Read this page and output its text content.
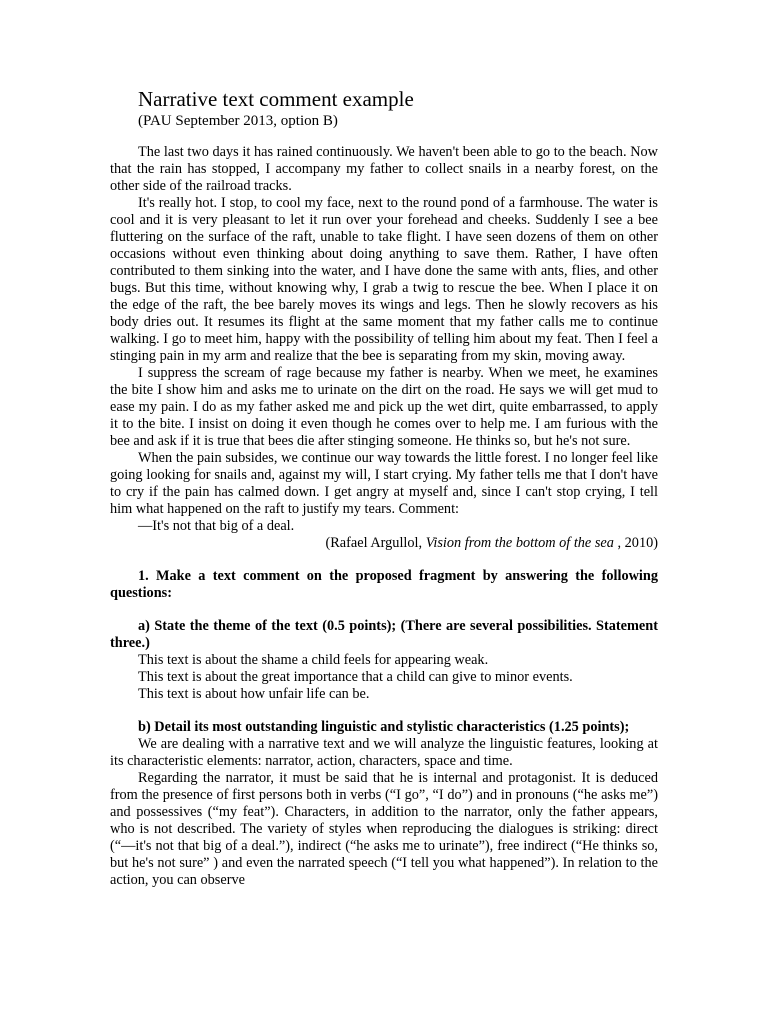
Narrative text comment example
(PAU September 2013, option B)

The last two days it has rained continuously. We haven't been able to go to the beach. Now that the rain has stopped, I accompany my father to collect snails in a nearby forest, on the other side of the railroad tracks.

It's really hot. I stop, to cool my face, next to the round pond of a farmhouse. The water is cool and it is very pleasant to let it run over your forehead and cheeks. Suddenly I see a bee fluttering on the surface of the raft, unable to take flight. I have seen dozens of them on other occasions without even thinking about doing anything to save them. Rather, I have often contributed to them sinking into the water, and I have done the same with ants, flies, and other bugs. But this time, without knowing why, I grab a twig to rescue the bee. When I place it on the edge of the raft, the bee barely moves its wings and legs. Then he slowly recovers as his body dries out. It resumes its flight at the same moment that my father calls me to continue walking. I go to meet him, happy with the possibility of telling him about my feat. Then I feel a stinging pain in my arm and realize that the bee is separating from my skin, moving away.

I suppress the scream of rage because my father is nearby. When we meet, he examines the bite I show him and asks me to urinate on the dirt on the road. He says we will get mud to ease my pain. I do as my father asked me and pick up the wet dirt, quite embarrassed, to apply it to the bite. I insist on doing it even though he comes over to help me. I am furious with the bee and ask if it is true that bees die after stinging someone. He thinks so, but he's not sure.

When the pain subsides, we continue our way towards the little forest. I no longer feel like going looking for snails and, against my will, I start crying. My father tells me that I don't have to cry if the pain has calmed down. I get angry at myself and, since I can't stop crying, I tell him what happened on the raft to justify my tears. Comment:

—It's not that big of a deal.

(Rafael Argullol, Vision from the bottom of the sea , 2010)

1. Make a text comment on the proposed fragment by answering the following questions:

a) State the theme of the text (0.5 points); (There are several possibilities. Statement three.)

This text is about the shame a child feels for appearing weak.

This text is about the great importance that a child can give to minor events.

This text is about how unfair life can be.

b) Detail its most outstanding linguistic and stylistic characteristics (1.25 points);

We are dealing with a narrative text and we will analyze the linguistic features, looking at its characteristic elements: narrator, action, characters, space and time.

Regarding the narrator, it must be said that he is internal and protagonist. It is deduced from the presence of first persons both in verbs (“I go”, “I do”) and in pronouns (“he asks me”) and possessives (“my feat”). Characters, in addition to the narrator, only the father appears, who is not described. The variety of styles when reproducing the dialogues is striking: direct (“—it's not that big of a deal.”), indirect (“he asks me to urinate”), free indirect (“He thinks so, but he's not sure” ) and even the narrated speech (“I tell you what happened”). In relation to the action, you can observe
